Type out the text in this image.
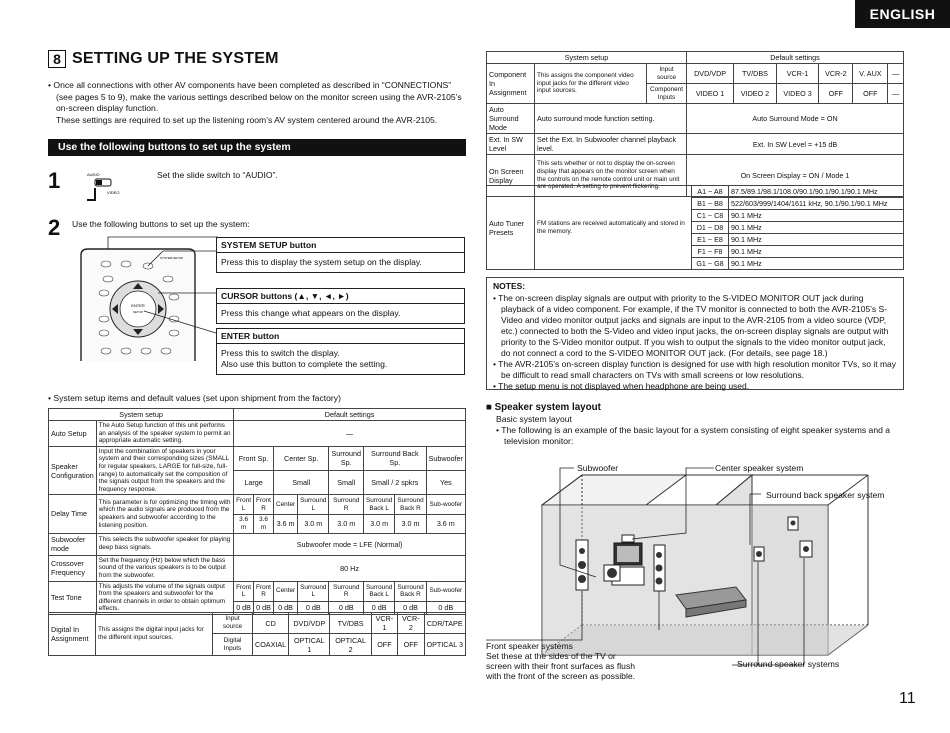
ENGLISH
8 SETTING UP THE SYSTEM

• Once all connections with other AV components have been completed as described in “CONNECTIONS” (see pages 5 to 9), make the various settings described below on the monitor screen using the AVR-2105’s on-screen display function.

These settings are required to set up the listening room’s AV system centered around the AVR-2105.

Use the following buttons to set up the system
1	AUDIO
VIDEO
Set the slide switch to “AUDIO”.
2 Use the following buttons to set up the system:
ENTER
SETUP
SYSTEM SETUP
SYSTEM SETUP button
Press this to display the system setup on the display.
CURSOR buttons (▲, ▼, ◄, ►)
Press this change what appears on the display.
ENTER button
Press this to switch the display.
Also use this button to complete the setting.
• System setup items and default values (set upon shipment from the factory)
System setup		Default settings							
Auto Setup	The Auto Setup function of this unit performs an analysis of the speaker system to permit an appropriate automatic setting.	—							
Speaker Configuration	Input the combination of speakers in your system and their corresponding sizes (SMALL for regular speakers, LARGE for full-size, full-range) to automatically set the composition of the signals output from the speakers and the frequency response.	Front Sp.		Center Sp.		Surround Sp.	Surround Back Sp.		Subwoofer
		Large		Small		Small	Small / 2 spkrs		Yes
Delay Time	This parameter is for optimizing the timing with which the audio signals are produced from the speakers and subwoofer according to the listening position.	Front L	Front R	Center	Surround L	Surround R	Surround Back L	Surround Back R	Sub-woofer
		3.6 m	3.6 m	3.6 m	3.0 m	3.0 m	3.0 m	3.0 m	3.6 m
Subwoofer mode	This selects the subwoofer speaker for playing deep bass signals.	Subwoofer mode = LFE (Normal)							
Crossover Frequency	Set the frequency (Hz) below which the bass sound of the various speakers is to be output from the subwoofer.	80 Hz							
Test Tone	This adjusts the volume of the signals output from the speakers and subwoofer for the different channels in order to obtain optimum effects.	Front L	Front R	Center	Surround L	Surround R	Surround Back L	Surround Back R	Sub-woofer
		0 dB	0 dB	0 dB	0 dB	0 dB	0 dB	0 dB	0 dB
Digital In Assignment	This assigns the digital input jacks for the different input sources.	Input source	CD	DVD/VDP	TV/DBS	VCR-1	VCR-2	CDR/TAPE
		Digital Inputs	COAXIAL	OPTICAL 1	OPTICAL 2	OFF	OFF	OPTICAL 3
System setup			Default settings					
Component In Assignment	This assigns the component video input jacks for the different video input sources.	Input source	DVD/VDP	TV/DBS	VCR-1	VCR-2	V. AUX	—
		Component Inputs	VIDEO 1	VIDEO 2	VIDEO 3	OFF	OFF	—
Auto Surround Mode	Auto surround mode function setting.		Auto Surround Mode = ON					
Ext. In SW Level	Set the Ext. In Subwoofer channel playback level.		Ext. In SW Level = +15 dB					
On Screen Display	This sets whether or not to display the on-screen display that appears on the monitor screen when the controls on the remote control unit or main unit are operated. A setting to prevent flickering.		On Screen Display = ON / Mode 1					
Auto Tuner Presets	FM stations are received automatically and stored in the memory.	A1 ~ A8	87.5/89.1/98.1/108.0/90.1/90.1/90.1/90.1 MHz
		B1 ~ B8	522/603/999/1404/1611 kHz, 90.1/90.1/90.1 MHz
		C1 ~ C8	90.1 MHz
		D1 ~ D8	90.1 MHz
		E1 ~ E8	90.1 MHz
		F1 ~ F8	90.1 MHz
		G1 ~ G8	90.1 MHz
NOTES:

• The on-screen display signals are output with priority to the S-VIDEO MONITOR OUT jack during playback of a video component. For example, if the TV monitor is connected to both the AVR-2105’s S-Video and video monitor output jacks and signals are input to the AVR-2105 from a video source (VDP, etc.) connected to both the S-Video and video input jacks, the on-screen display signals are output with priority to the S-Video monitor output. If you wish to output the signals to the video monitor output jack, do not connect a cord to the S-VIDEO MONITOR OUT jack. (For details, see page 18.)

• The AVR-2105’s on-screen display function is designed for use with high resolution monitor TVs, so it may be difficult to read small characters on TVs with small screens or low resolutions.

• The setup menu is not displayed when headphone are being used.

■ Speaker system layout
Basic system layout
• The following is an example of the basic layout for a system consisting of eight speaker systems and a television monitor:
Subwoofer	Center speaker system
Surround back speaker system
Front speaker systems
Set these at the sides of the TV or
screen with their front surfaces as flush
with the front of the screen as possible.
Surround speaker systems
11
